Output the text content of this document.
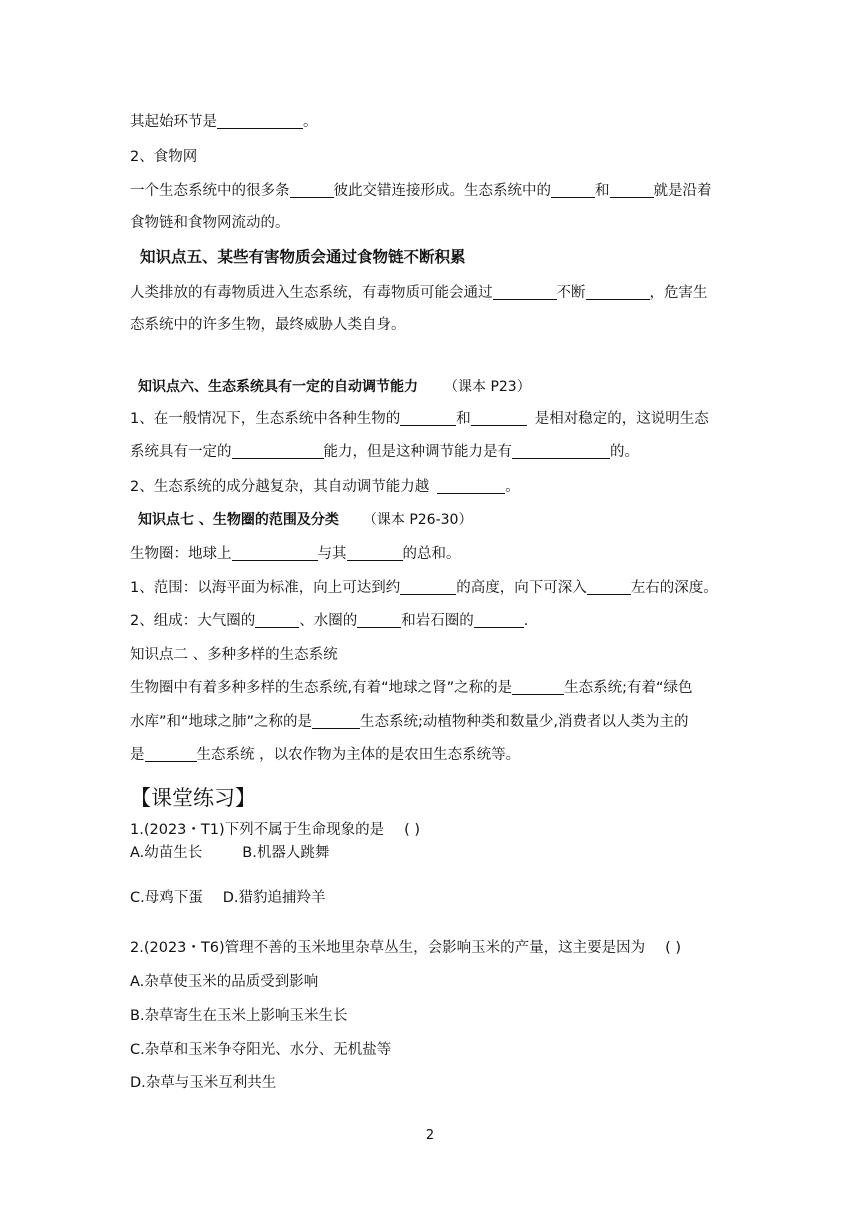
其起始环节是	。
2、食物网
一个生态系统中的很多条	彼此交错连接形成。生态系统中的	和	就是沿着
食物链和食物网流动的。
知识点五、某些有害物质会通过食物链不断积累
人类排放的有毒物质进入生态系统，有毒物质可能会通过	不断	，危害生
态系统中的许多生物，最终威胁人类自身。
知识点六、生态系统具有一定的自动调节能力 （课本 P23）
1、在一般情况下，生态系统中各种生物的	和	是相对稳定的，这说明生态
系统具有一定的	能力，但是这种调节能力是有	的。
2、生态系统的成分越复杂，其自动调节能力越	。
知识点七 、生物圈的范围及分类 （课本 P26-30）
生物圈：地球上	与其	的总和。
1、范围：以海平面为标准，向上可达到约	的高度，向下可深入	左右的深度。
2、组成：大气圈的	、水圈的	和岩石圈的	.
知识点二 、多种多样的生态系统
生物圈中有着多种多样的生态系统,有着“地球之肾”之称的是	生态系统;有着“绿色
水库”和“地球之肺”之称的是	生态系统;动植物种类和数量少,消费者以人类为主的
是	生态系统 ，以农作物为主体的是农田生态系统等。
【课堂练习】
1.(2023・T1)下列不属于生命现象的是 ( )
A.幼苗生长	B.机器人跳舞
C.母鸡下蛋 D.猎豹追捕羚羊
2.(2023・T6)管理不善的玉米地里杂草丛生，会影响玉米的产量，这主要是因为 ( )
A.杂草使玉米的品质受到影响
B.杂草寄生在玉米上影响玉米生长
C.杂草和玉米争夺阳光、水分、无机盐等
D.杂草与玉米互利共生
2
